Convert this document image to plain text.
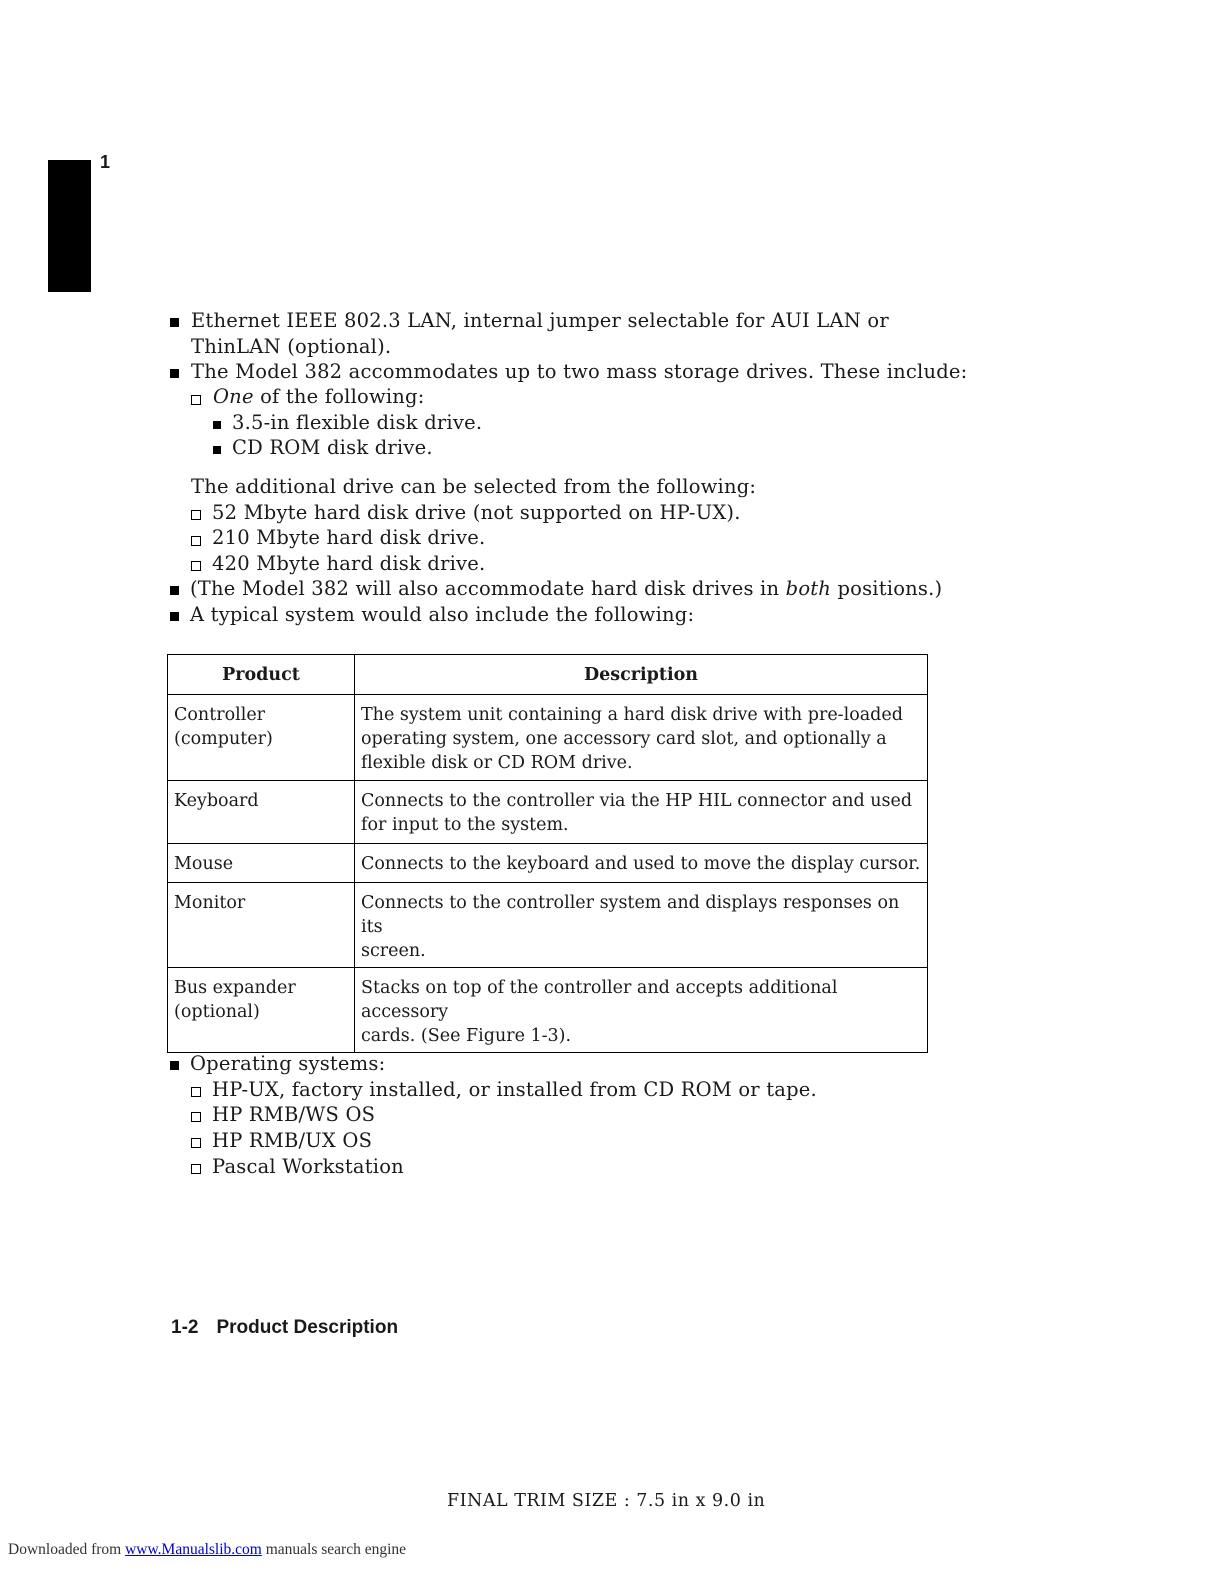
1
Ethernet IEEE 802.3 LAN, internal jumper selectable for AUI LAN or
ThinLAN (optional).
The Model 382 accommodates up to two mass storage drives. These include:
One of the following:
3.5-in flexible disk drive.
CD ROM disk drive.
The additional drive can be selected from the following:
52 Mbyte hard disk drive (not supported on HP-UX).
210 Mbyte hard disk drive.
420 Mbyte hard disk drive.
(The Model 382 will also accommodate hard disk drives in both positions.)
A typical system would also include the following:
Product	Description
Controller
(computer)	The system unit containing a hard disk drive with pre-loaded
operating system, one accessory card slot, and optionally a
flexible disk or CD ROM drive.
Keyboard	Connects to the controller via the HP HIL connector and used
for input to the system.
Mouse	Connects to the keyboard and used to move the display cursor.
Monitor	Connects to the controller system and displays responses on its
screen.
Bus expander
(optional)	Stacks on top of the controller and accepts additional accessory
cards. (See Figure 1-3).
Operating systems:
HP-UX, factory installed, or installed from CD ROM or tape.
HP RMB/WS OS
HP RMB/UX OS
Pascal Workstation
1-2 Product Description
FINAL TRIM SIZE : 7.5 in x 9.0 in
Downloaded from www.Manualslib.com manuals search engine
